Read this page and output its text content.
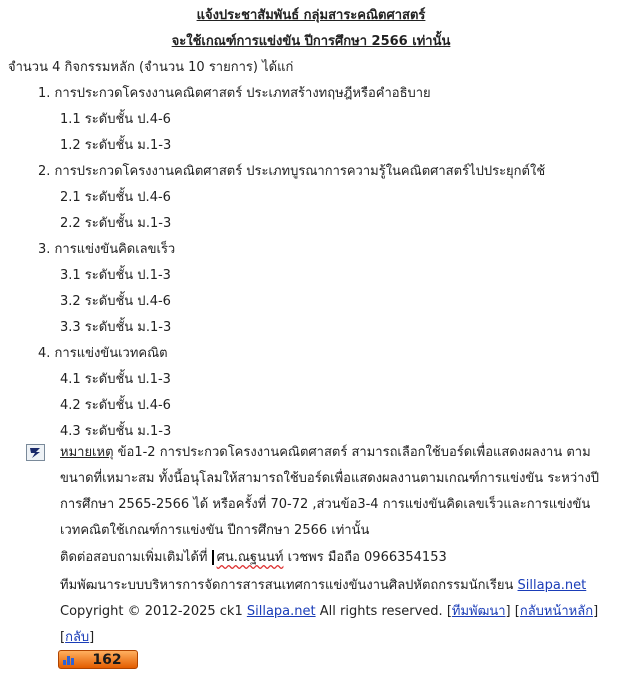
แจ้งประชาสัมพันธ์ กลุ่มสาระคณิตศาสตร์
จะใช้เกณฑ์การแข่งขัน ปีการศึกษา 2566 เท่านั้น
จำนวน 4 กิจกรรมหลัก (จำนวน 10 รายการ) ได้แก่
1. การประกวดโครงงานคณิตศาสตร์ ประเภทสร้างทฤษฎีหรือคำอธิบาย
1.1 ระดับชั้น ป.4-6
1.2 ระดับชั้น ม.1-3
2. การประกวดโครงงานคณิตศาสตร์ ประเภทบูรณาการความรู้ในคณิตศาสตร์ไปประยุกต์ใช้
2.1 ระดับชั้น ป.4-6
2.2 ระดับชั้น ม.1-3
3. การแข่งขันคิดเลขเร็ว
3.1 ระดับชั้น ป.1-3
3.2 ระดับชั้น ป.4-6
3.3 ระดับชั้น ม.1-3
4. การแข่งขันเวทคณิต
4.1 ระดับชั้น ป.1-3
4.2 ระดับชั้น ป.4-6
4.3 ระดับชั้น ม.1-3
หมายเหตุ ข้อ1-2 การประกวดโครงงานคณิตศาสตร์ สามารถเลือกใช้บอร์ดเพื่อแสดงผลงาน ตามขนาดที่เหมาะสม ทั้งนี้อนุโลมให้สามารถใช้บอร์ดเพื่อแสดงผลงานตามเกณฑ์การแข่งขัน ระหว่างปีการศึกษา 2565-2566 ได้ หรือครั้งที่ 70-72 ,ส่วนข้อ3-4 การแข่งขันคิดเลขเร็วและการแข่งขันเวทคณิตใช้เกณฑ์การแข่งขัน ปีการศึกษา 2566 เท่านั้น
ติดต่อสอบถามเพิ่มเติมได้ที่ ศน.ณฐนนท์ เวชพร มือถือ 0966354153
ทีมพัฒนาระบบบริหารการจัดการสารสนเทศการแข่งขันงานศิลปหัตถกรรมนักเรียน Sillapa.net
Copyright © 2012-2025 ck1 Sillapa.net All rights reserved. [ทีมพัฒนา] [กลับหน้าหลัก]
[กลับ]
162
